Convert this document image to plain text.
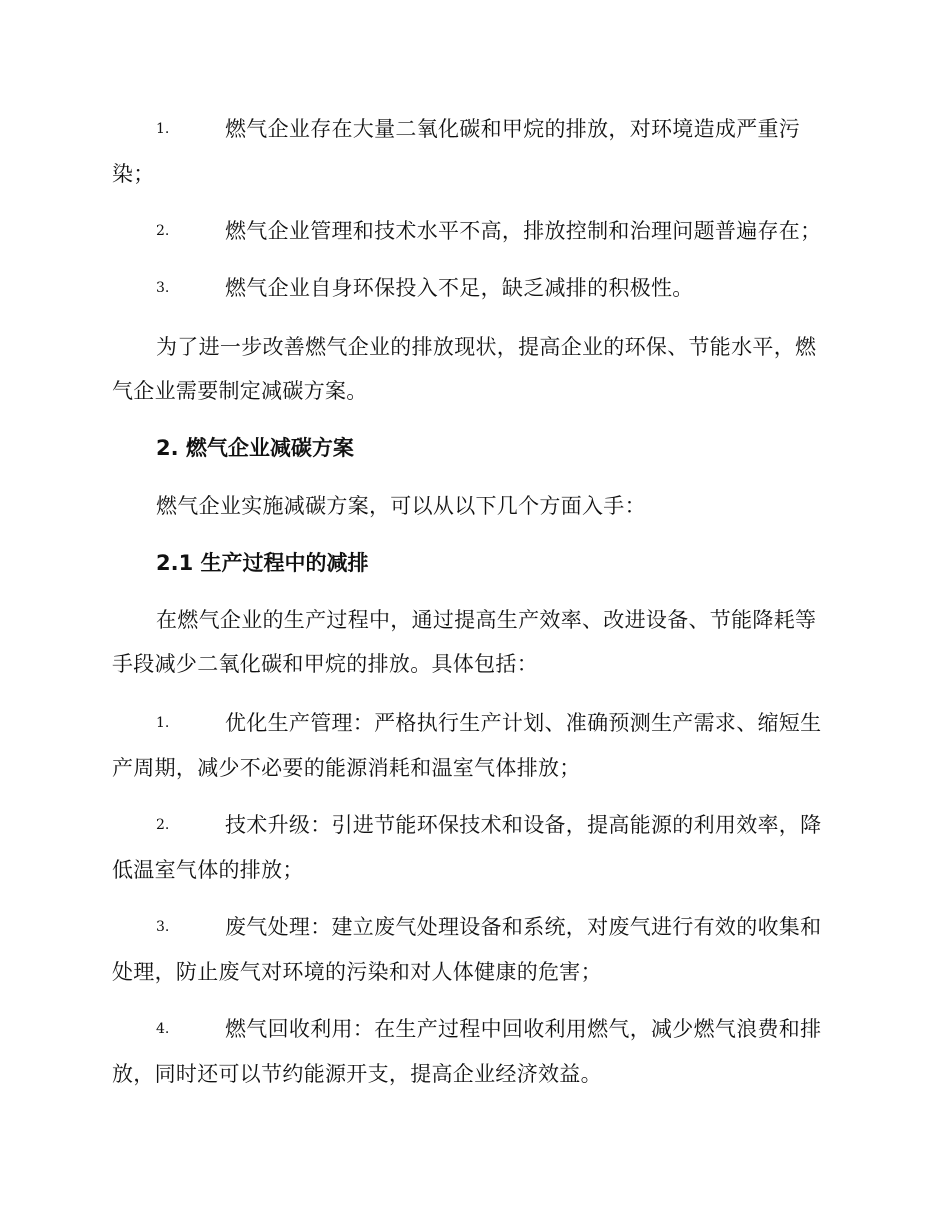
1.	燃气企业存在大量二氧化碳和甲烷的排放，对环境造成严重污
染；
2.	燃气企业管理和技术水平不高，排放控制和治理问题普遍存在；
3.	燃气企业自身环保投入不足，缺乏减排的积极性。
为了进一步改善燃气企业的排放现状，提高企业的环保、节能水平，燃
气企业需要制定减碳方案。
2. 燃气企业减碳方案
燃气企业实施减碳方案，可以从以下几个方面入手：
2.1 生产过程中的减排
在燃气企业的生产过程中，通过提高生产效率、改进设备、节能降耗等
手段减少二氧化碳和甲烷的排放。具体包括：
1.	优化生产管理：严格执行生产计划、准确预测生产需求、缩短生
产周期，减少不必要的能源消耗和温室气体排放；
2.	技术升级：引进节能环保技术和设备，提高能源的利用效率，降
低温室气体的排放；
3.	废气处理：建立废气处理设备和系统，对废气进行有效的收集和
处理，防止废气对环境的污染和对人体健康的危害；
4.	燃气回收利用：在生产过程中回收利用燃气，减少燃气浪费和排
放，同时还可以节约能源开支，提高企业经济效益。
